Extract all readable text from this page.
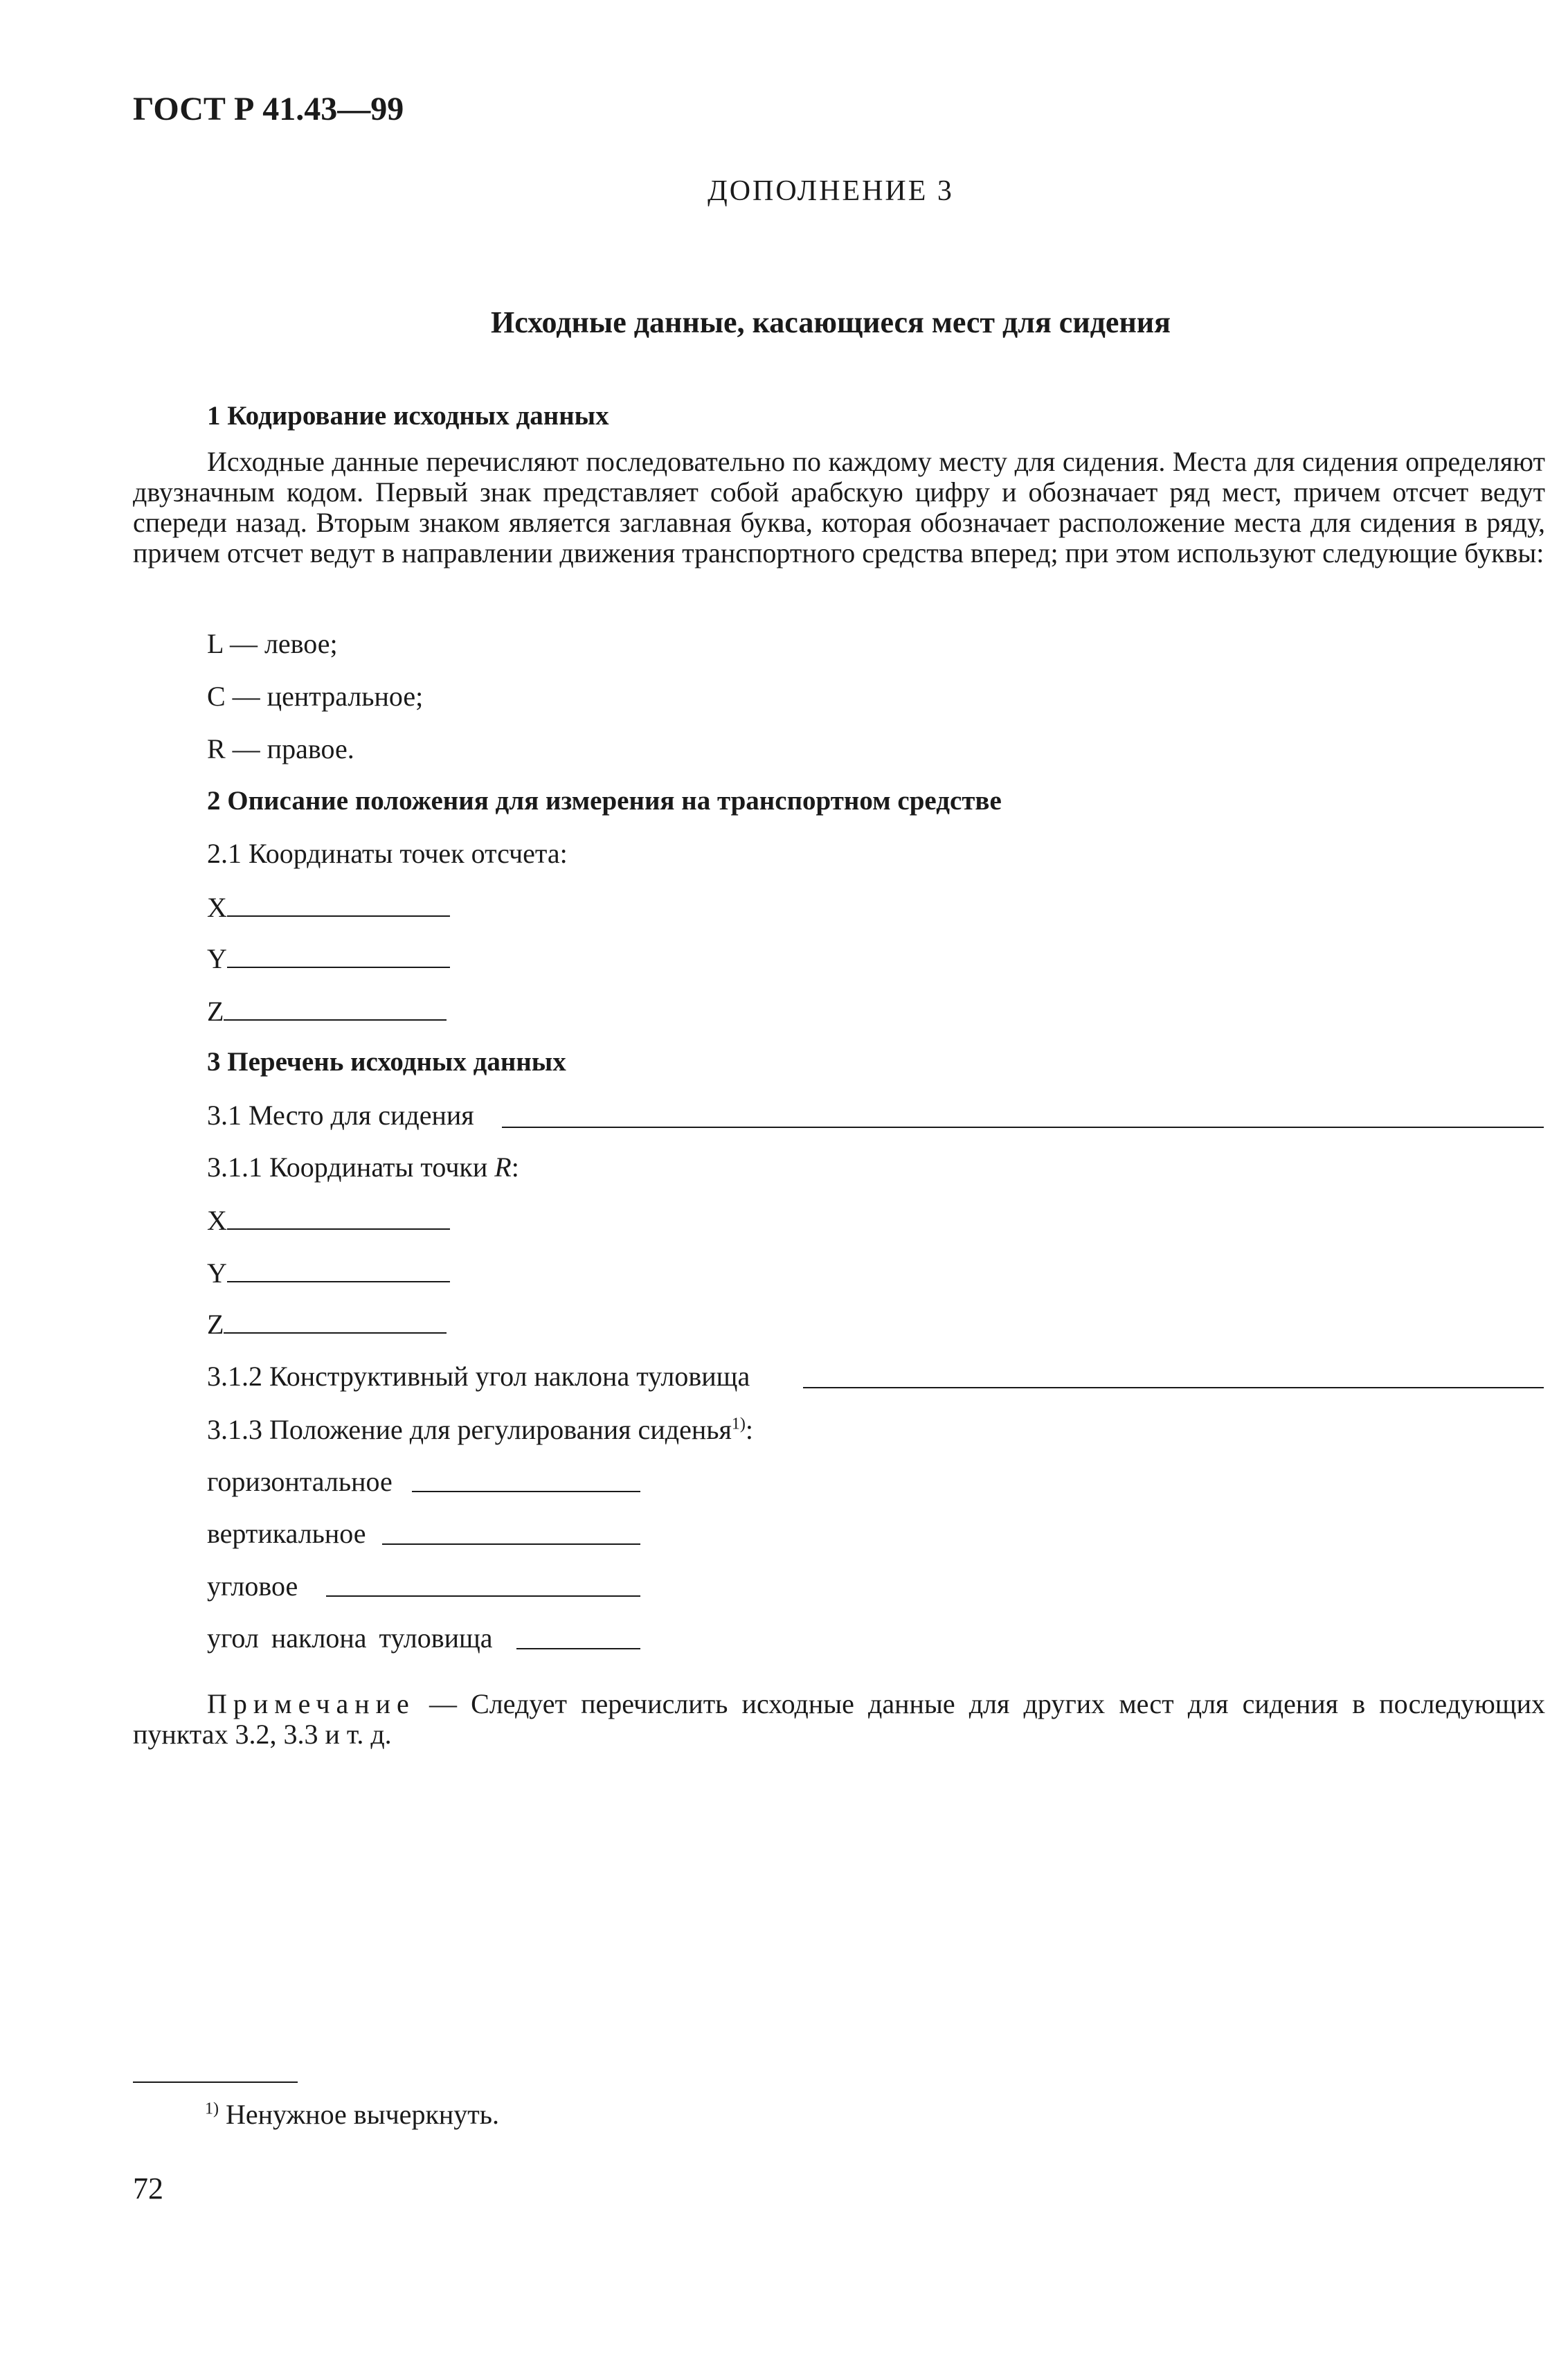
ГОСТ Р 41.43—99
ДОПОЛНЕНИЕ 3
Исходные данные, касающиеся мест для сидения
1 Кодирование исходных данных
Исходные данные перечисляют последовательно по каждому месту для сидения. Места для сидения определяют двузначным кодом. Первый знак представляет собой арабскую цифру и обозначает ряд мест, причем отсчет ведут спереди назад. Вторым знаком является заглавная буква, которая обозначает расположение места для сидения в ряду, причем отсчет ведут в направлении движения транспортного средства вперед; при этом используют следующие буквы:
L — левое;
С — центральное;
R — правое.
2 Описание положения для измерения на транспортном средстве
2.1 Координаты точек отсчета:
X
Y
Z
3 Перечень исходных данных
3.1 Место для сидения
3.1.1 Координаты точки R:
X
Y
Z
3.1.2 Конструктивный угол наклона туловища
3.1.3 Положение для регулирования сиденья$^{1)}$:
горизонтальное
вертикальное
угловое
угол наклона туловища
Примечание — Следует перечислить исходные данные для других мест для сидения в последующих пунктах 3.2, 3.3 и т. д.
$^{1)}$ Ненужное вычеркнуть.
72
